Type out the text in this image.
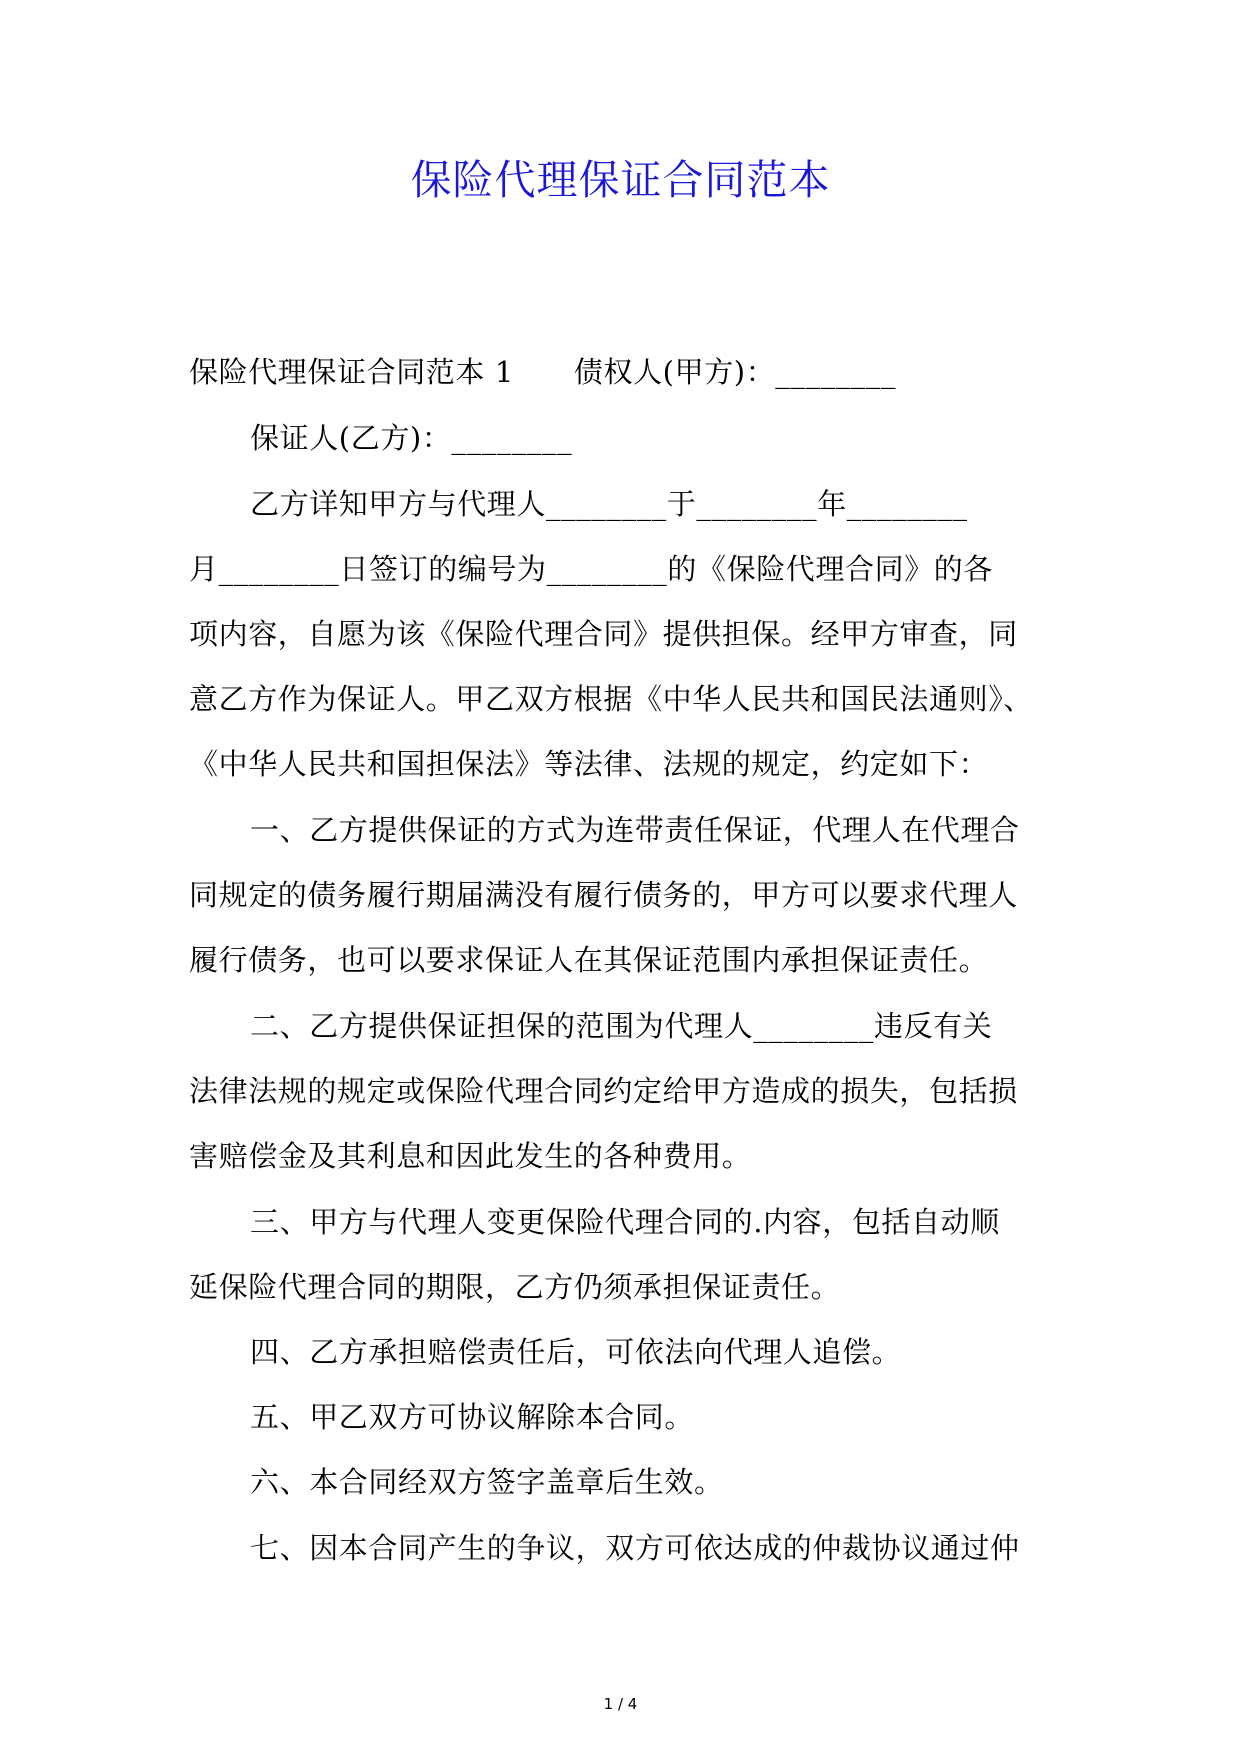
保险代理保证合同范本
保险代理保证合同范本 1 债权人(甲方)：________
保证人(乙方)：________
乙方详知甲方与代理人________于________年________
月________日签订的编号为________的《保险代理合同》的各
项内容，自愿为该《保险代理合同》提供担保。经甲方审查，同
意乙方作为保证人。甲乙双方根据《中华人民共和国民法通则》、
《中华人民共和国担保法》等法律、法规的规定，约定如下：
一、乙方提供保证的方式为连带责任保证，代理人在代理合
同规定的债务履行期届满没有履行债务的，甲方可以要求代理人
履行债务，也可以要求保证人在其保证范围内承担保证责任。
二、乙方提供保证担保的范围为代理人________违反有关
法律法规的规定或保险代理合同约定给甲方造成的损失，包括损
害赔偿金及其利息和因此发生的各种费用。
三、甲方与代理人变更保险代理合同的.内容，包括自动顺
延保险代理合同的期限，乙方仍须承担保证责任。
四、乙方承担赔偿责任后，可依法向代理人追偿。
五、甲乙双方可协议解除本合同。
六、本合同经双方签字盖章后生效。
七、因本合同产生的争议，双方可依达成的仲裁协议通过仲
1 / 4
